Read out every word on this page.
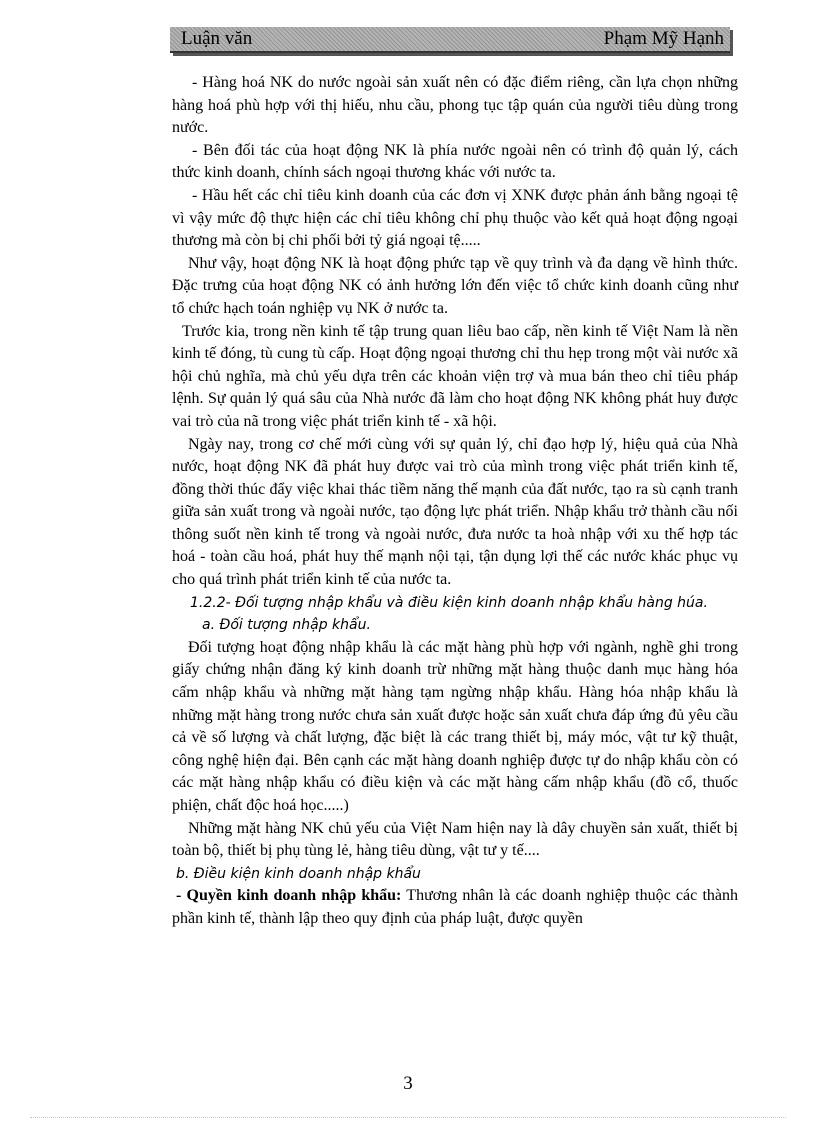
Luận văn	Phạm Mỹ Hạnh

- Hàng hoá NK do nước ngoài sản xuất nên có đặc điểm riêng, cần lựa chọn những hàng hoá phù hợp với thị hiếu, nhu cầu, phong tục tập quán của người tiêu dùng trong nước.

- Bên đối tác của hoạt động NK là phía nước ngoài nên có trình độ quản lý, cách thức kinh doanh, chính sách ngoại thương khác với nước ta.

- Hầu hết các chỉ tiêu kinh doanh của các đơn vị XNK được phản ánh bằng ngoại tệ vì vậy mức độ thực hiện các chỉ tiêu không chỉ phụ thuộc vào kết quả hoạt động ngoại thương mà còn bị chi phối bởi tỷ giá ngoại tệ.....

Như vậy, hoạt động NK là hoạt động phức tạp về quy trình và đa dạng về hình thức. Đặc trưng của hoạt động NK có ảnh hưởng lớn đến việc tổ chức kinh doanh cũng như tổ chức hạch toán nghiệp vụ NK ở nước ta.

Trước kia, trong nền kinh tế tập trung quan liêu bao cấp, nền kinh tế Việt Nam là nền kinh tế đóng, tù cung tù cấp. Hoạt động ngoại thương chỉ thu hẹp trong một vài nước xã hội chủ nghĩa, mà chủ yếu dựa trên các khoản viện trợ và mua bán theo chỉ tiêu pháp lệnh. Sự quản lý quá sâu của Nhà nước đã làm cho hoạt động NK không phát huy được vai trò của nã trong việc phát triển kinh tế - xã hội.

Ngày nay, trong cơ chế mới cùng với sự quản lý, chỉ đạo hợp lý, hiệu quả của Nhà nước, hoạt động NK đã phát huy được vai trò của mình trong việc phát triển kinh tế, đồng thời thúc đẩy việc khai thác tiềm năng thế mạnh của đất nước, tạo ra sù cạnh tranh giữa sản xuất trong và ngoài nước, tạo động lực phát triển. Nhập khẩu trở thành cầu nối thông suốt nền kinh tế trong và ngoài nước, đưa nước ta hoà nhập với xu thế hợp tác hoá - toàn cầu hoá, phát huy thế mạnh nội tại, tận dụng lợi thế các nước khác phục vụ cho quá trình phát triển kinh tế của nước ta.

1.2.2- Đối tượng nhập khẩu và điều kiện kinh doanh nhập khẩu hàng húa.

a. Đối tượng nhập khẩu.

Đối tượng hoạt động nhập khẩu là các mặt hàng phù hợp với ngành, nghề ghi trong giấy chứng nhận đăng ký kinh doanh trừ những mặt hàng thuộc danh mục hàng hóa cấm nhập khẩu và những mặt hàng tạm ngừng nhập khẩu. Hàng hóa nhập khẩu là những mặt hàng trong nước chưa sản xuất được hoặc sản xuất chưa đáp ứng đủ yêu cầu cả về số lượng và chất lượng, đặc biệt là các trang thiết bị, máy móc, vật tư kỹ thuật, công nghệ hiện đại. Bên cạnh các mặt hàng doanh nghiệp được tự do nhập khẩu còn có các mặt hàng nhập khẩu có điều kiện và các mặt hàng cấm nhập khẩu (đồ cổ, thuốc phiện, chất độc hoá học.....)

Những mặt hàng NK chủ yếu của Việt Nam hiện nay là dây chuyền sản xuất, thiết bị toàn bộ, thiết bị phụ tùng lẻ, hàng tiêu dùng, vật tư y tế....

b. Điều kiện kinh doanh nhập khẩu

- Quyền kinh doanh nhập khẩu: Thương nhân là các doanh nghiệp thuộc các thành phần kinh tế, thành lập theo quy định của pháp luật, được quyền

3
